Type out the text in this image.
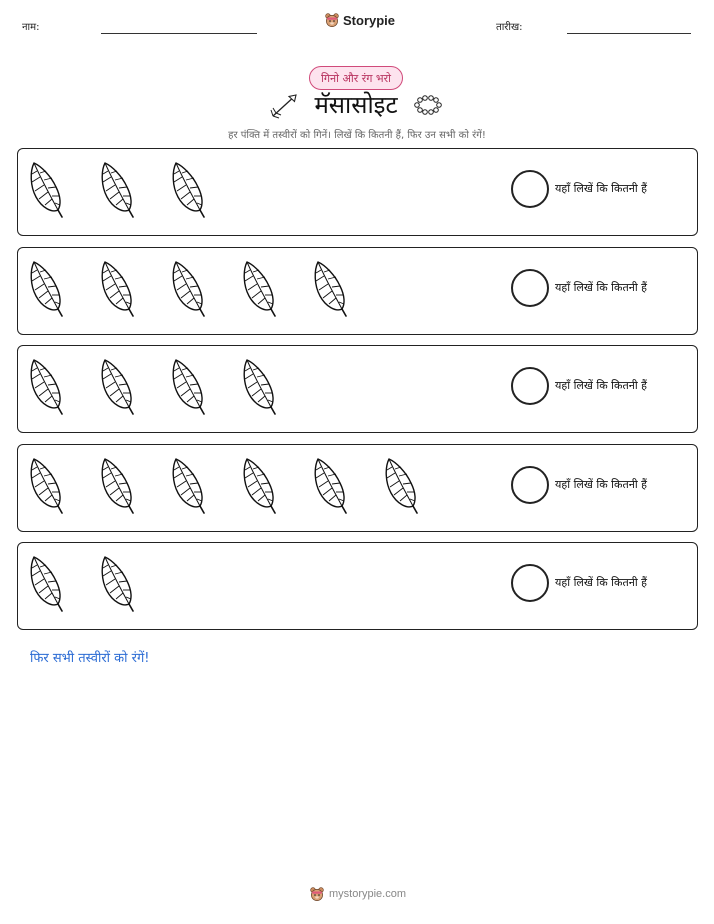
नाम:	Storypie	तारीख:
गिनो और रंग भरो
मॅसासोइट
हर पंक्ति में तस्वीरों को गिनें। लिखें कि कितनी हैं, फिर उन सभी को रंगें!
यहाँ लिखें कि कितनी हैं
यहाँ लिखें कि कितनी हैं
यहाँ लिखें कि कितनी हैं
यहाँ लिखें कि कितनी हैं
यहाँ लिखें कि कितनी हैं
फिर सभी तस्वीरों को रंगें!
mystorypie.com
